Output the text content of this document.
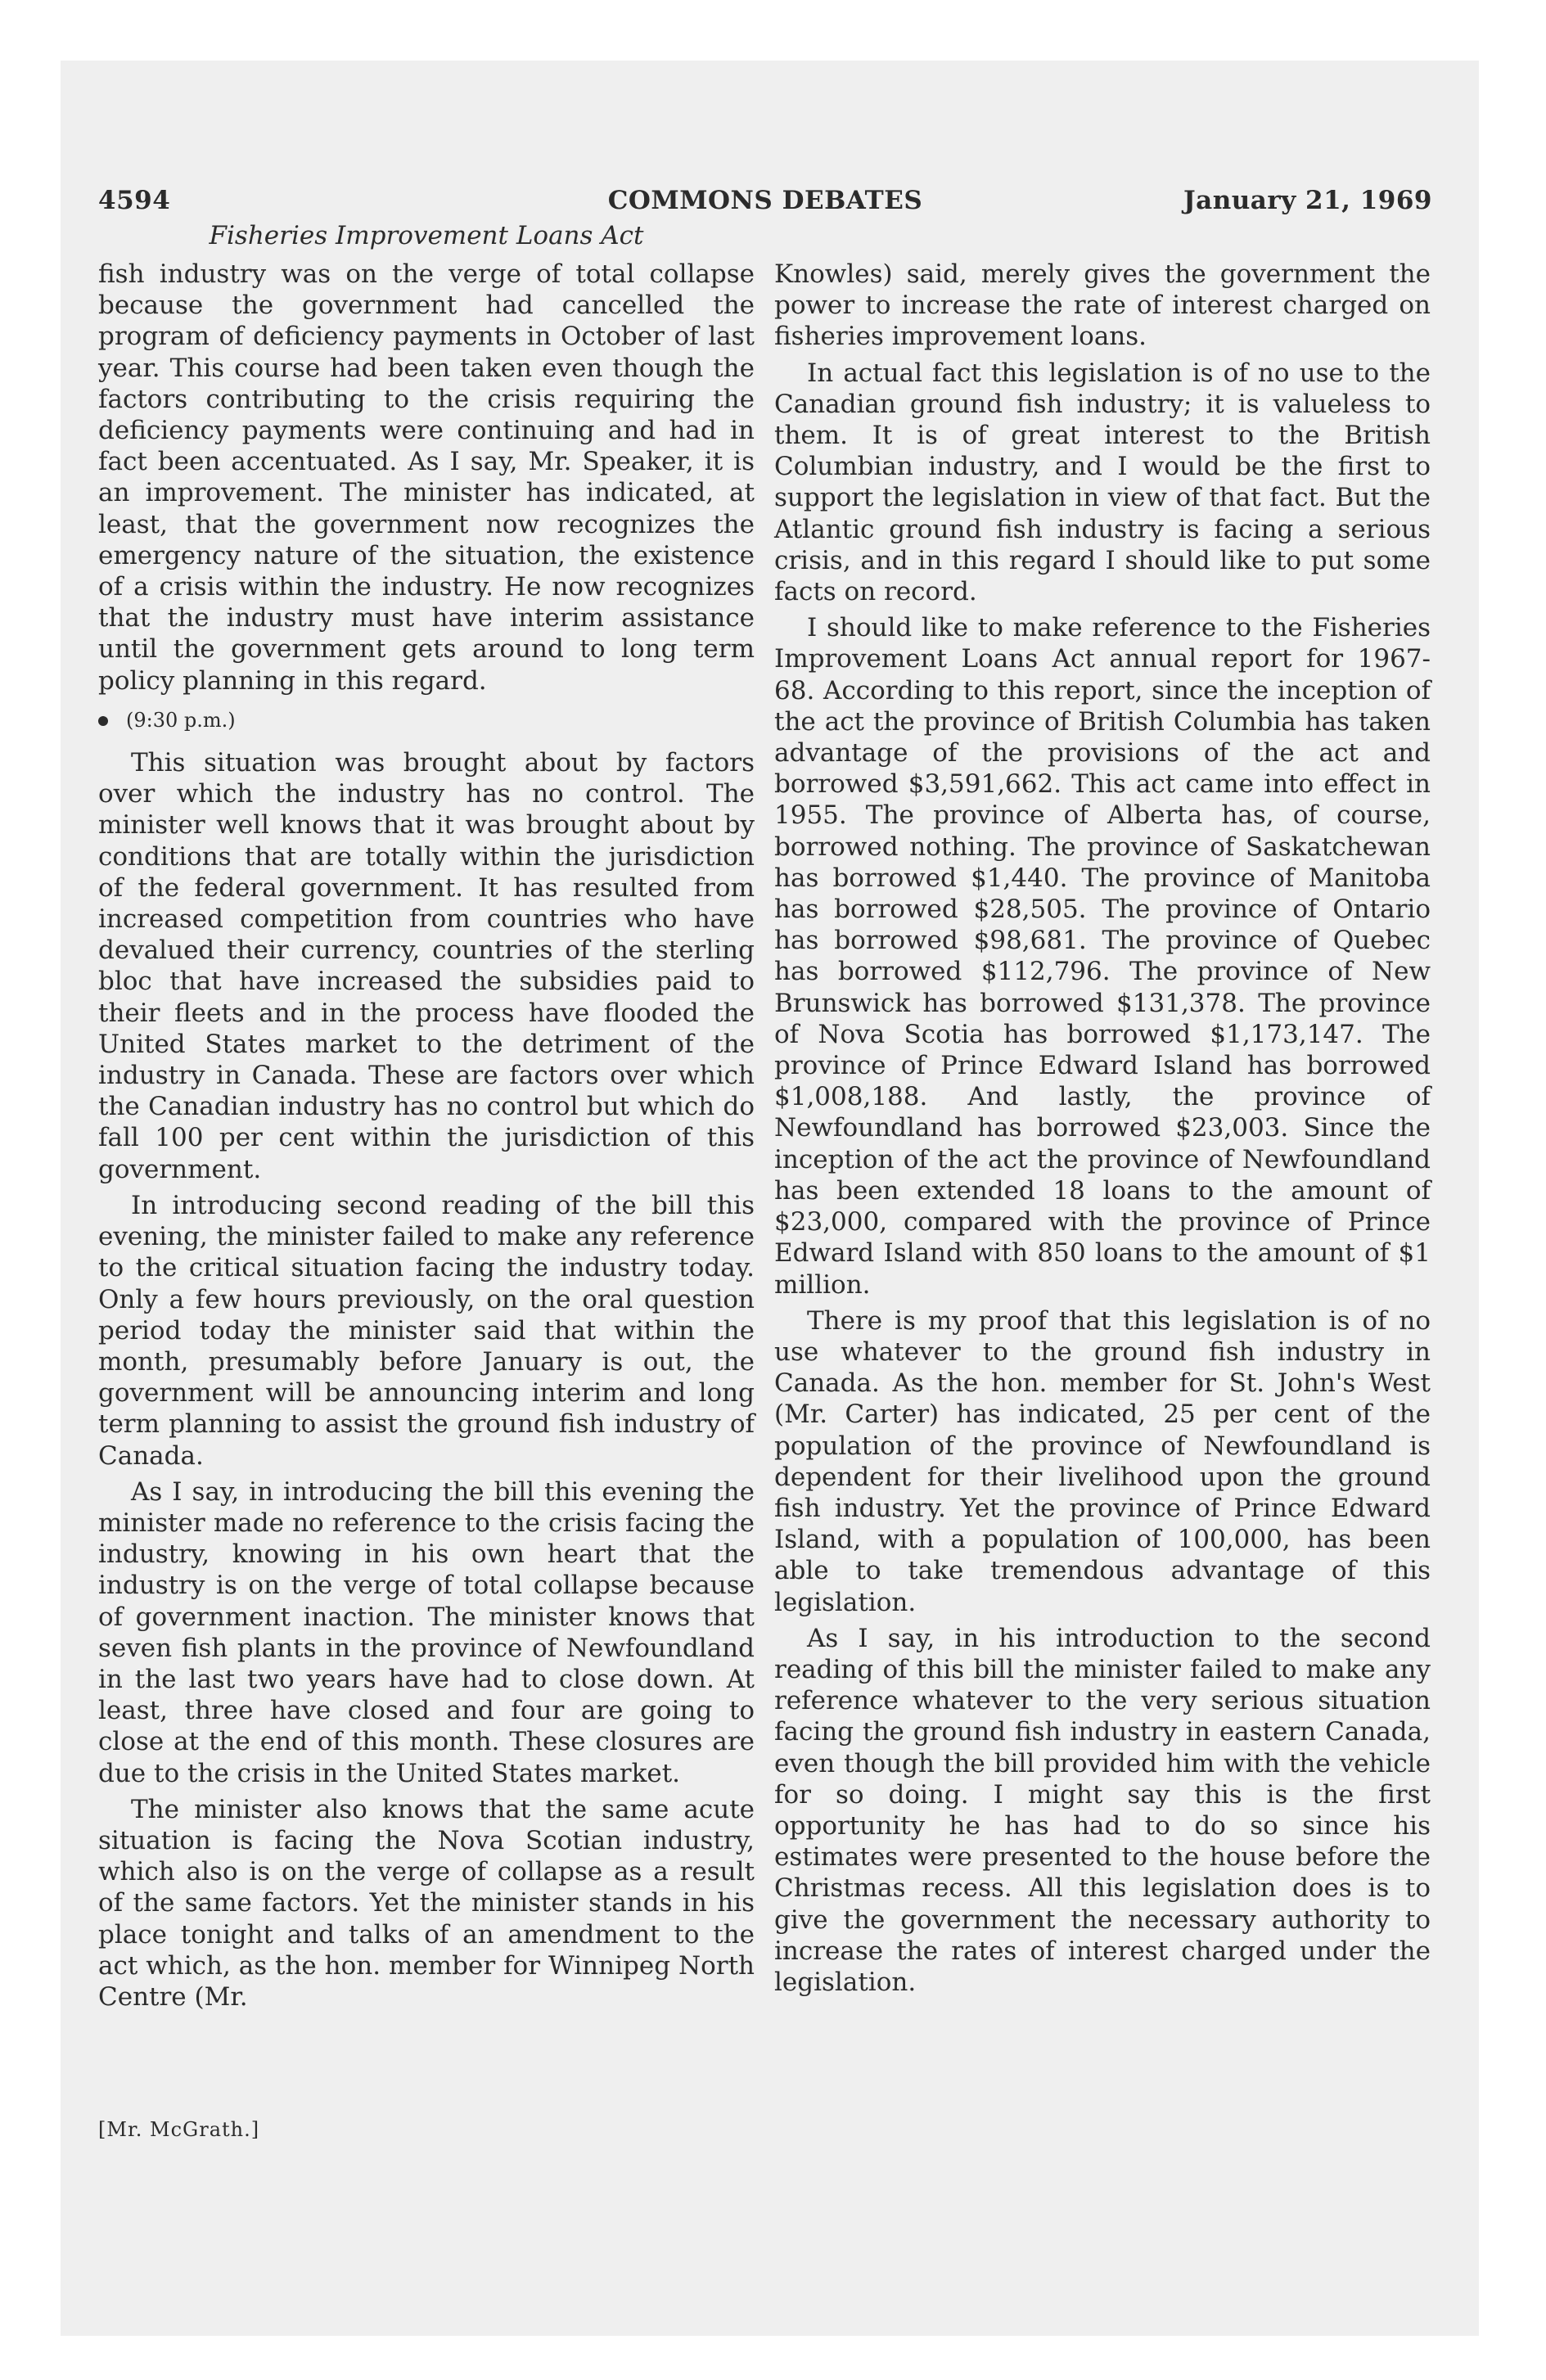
4594	COMMONS DEBATES	January 21, 1969
Fisheries Improvement Loans Act

fish industry was on the verge of total collapse because the government had cancelled the program of deficiency payments in October of last year. This course had been taken even though the factors contributing to the crisis requiring the deficiency payments were continuing and had in fact been accentuated. As I say, Mr. Speaker, it is an improvement. The minister has indicated, at least, that the government now recognizes the emergency nature of the situation, the existence of a crisis within the industry. He now recognizes that the industry must have interim assistance until the government gets around to long term policy planning in this regard.

(9:30 p.m.)

This situation was brought about by factors over which the industry has no control. The minister well knows that it was brought about by conditions that are totally within the jurisdiction of the federal government. It has resulted from increased competition from countries who have devalued their currency, countries of the sterling bloc that have increased the subsidies paid to their fleets and in the process have flooded the United States market to the detriment of the industry in Canada. These are factors over which the Canadian industry has no control but which do fall 100 per cent within the jurisdiction of this government.

In introducing second reading of the bill this evening, the minister failed to make any reference to the critical situation facing the industry today. Only a few hours previously, on the oral question period today the minister said that within the month, presumably before January is out, the government will be announcing interim and long term planning to assist the ground fish industry of Canada.

As I say, in introducing the bill this evening the minister made no reference to the crisis facing the industry, knowing in his own heart that the industry is on the verge of total collapse because of government inaction. The minister knows that seven fish plants in the province of Newfoundland in the last two years have had to close down. At least, three have closed and four are going to close at the end of this month. These closures are due to the crisis in the United States market.

The minister also knows that the same acute situation is facing the Nova Scotian industry, which also is on the verge of collapse as a result of the same factors. Yet the minister stands in his place tonight and talks of an amendment to the act which, as the hon. member for Winnipeg North Centre (Mr.

Knowles) said, merely gives the government the power to increase the rate of interest charged on fisheries improvement loans.

In actual fact this legislation is of no use to the Canadian ground fish industry; it is valueless to them. It is of great interest to the British Columbian industry, and I would be the first to support the legislation in view of that fact. But the Atlantic ground fish industry is facing a serious crisis, and in this regard I should like to put some facts on record.

I should like to make reference to the Fisheries Improvement Loans Act annual report for 1967-68. According to this report, since the inception of the act the province of British Columbia has taken advantage of the provisions of the act and borrowed $3,591,662. This act came into effect in 1955. The province of Alberta has, of course, borrowed nothing. The province of Saskatchewan has borrowed $1,440. The province of Manitoba has borrowed $28,505. The province of Ontario has borrowed $98,681. The province of Quebec has borrowed $112,796. The province of New Brunswick has borrowed $131,378. The province of Nova Scotia has borrowed $1,173,147. The province of Prince Edward Island has borrowed $1,008,188. And lastly, the province of Newfoundland has borrowed $23,003. Since the inception of the act the province of Newfoundland has been extended 18 loans to the amount of $23,000, compared with the province of Prince Edward Island with 850 loans to the amount of $1 million.

There is my proof that this legislation is of no use whatever to the ground fish industry in Canada. As the hon. member for St. John's West (Mr. Carter) has indicated, 25 per cent of the population of the province of Newfoundland is dependent for their livelihood upon the ground fish industry. Yet the province of Prince Edward Island, with a population of 100,000, has been able to take tremendous advantage of this legislation.

As I say, in his introduction to the second reading of this bill the minister failed to make any reference whatever to the very serious situation facing the ground fish industry in eastern Canada, even though the bill provided him with the vehicle for so doing. I might say this is the first opportunity he has had to do so since his estimates were presented to the house before the Christmas recess. All this legislation does is to give the government the necessary authority to increase the rates of interest charged under the legislation.

[Mr. McGrath.]
